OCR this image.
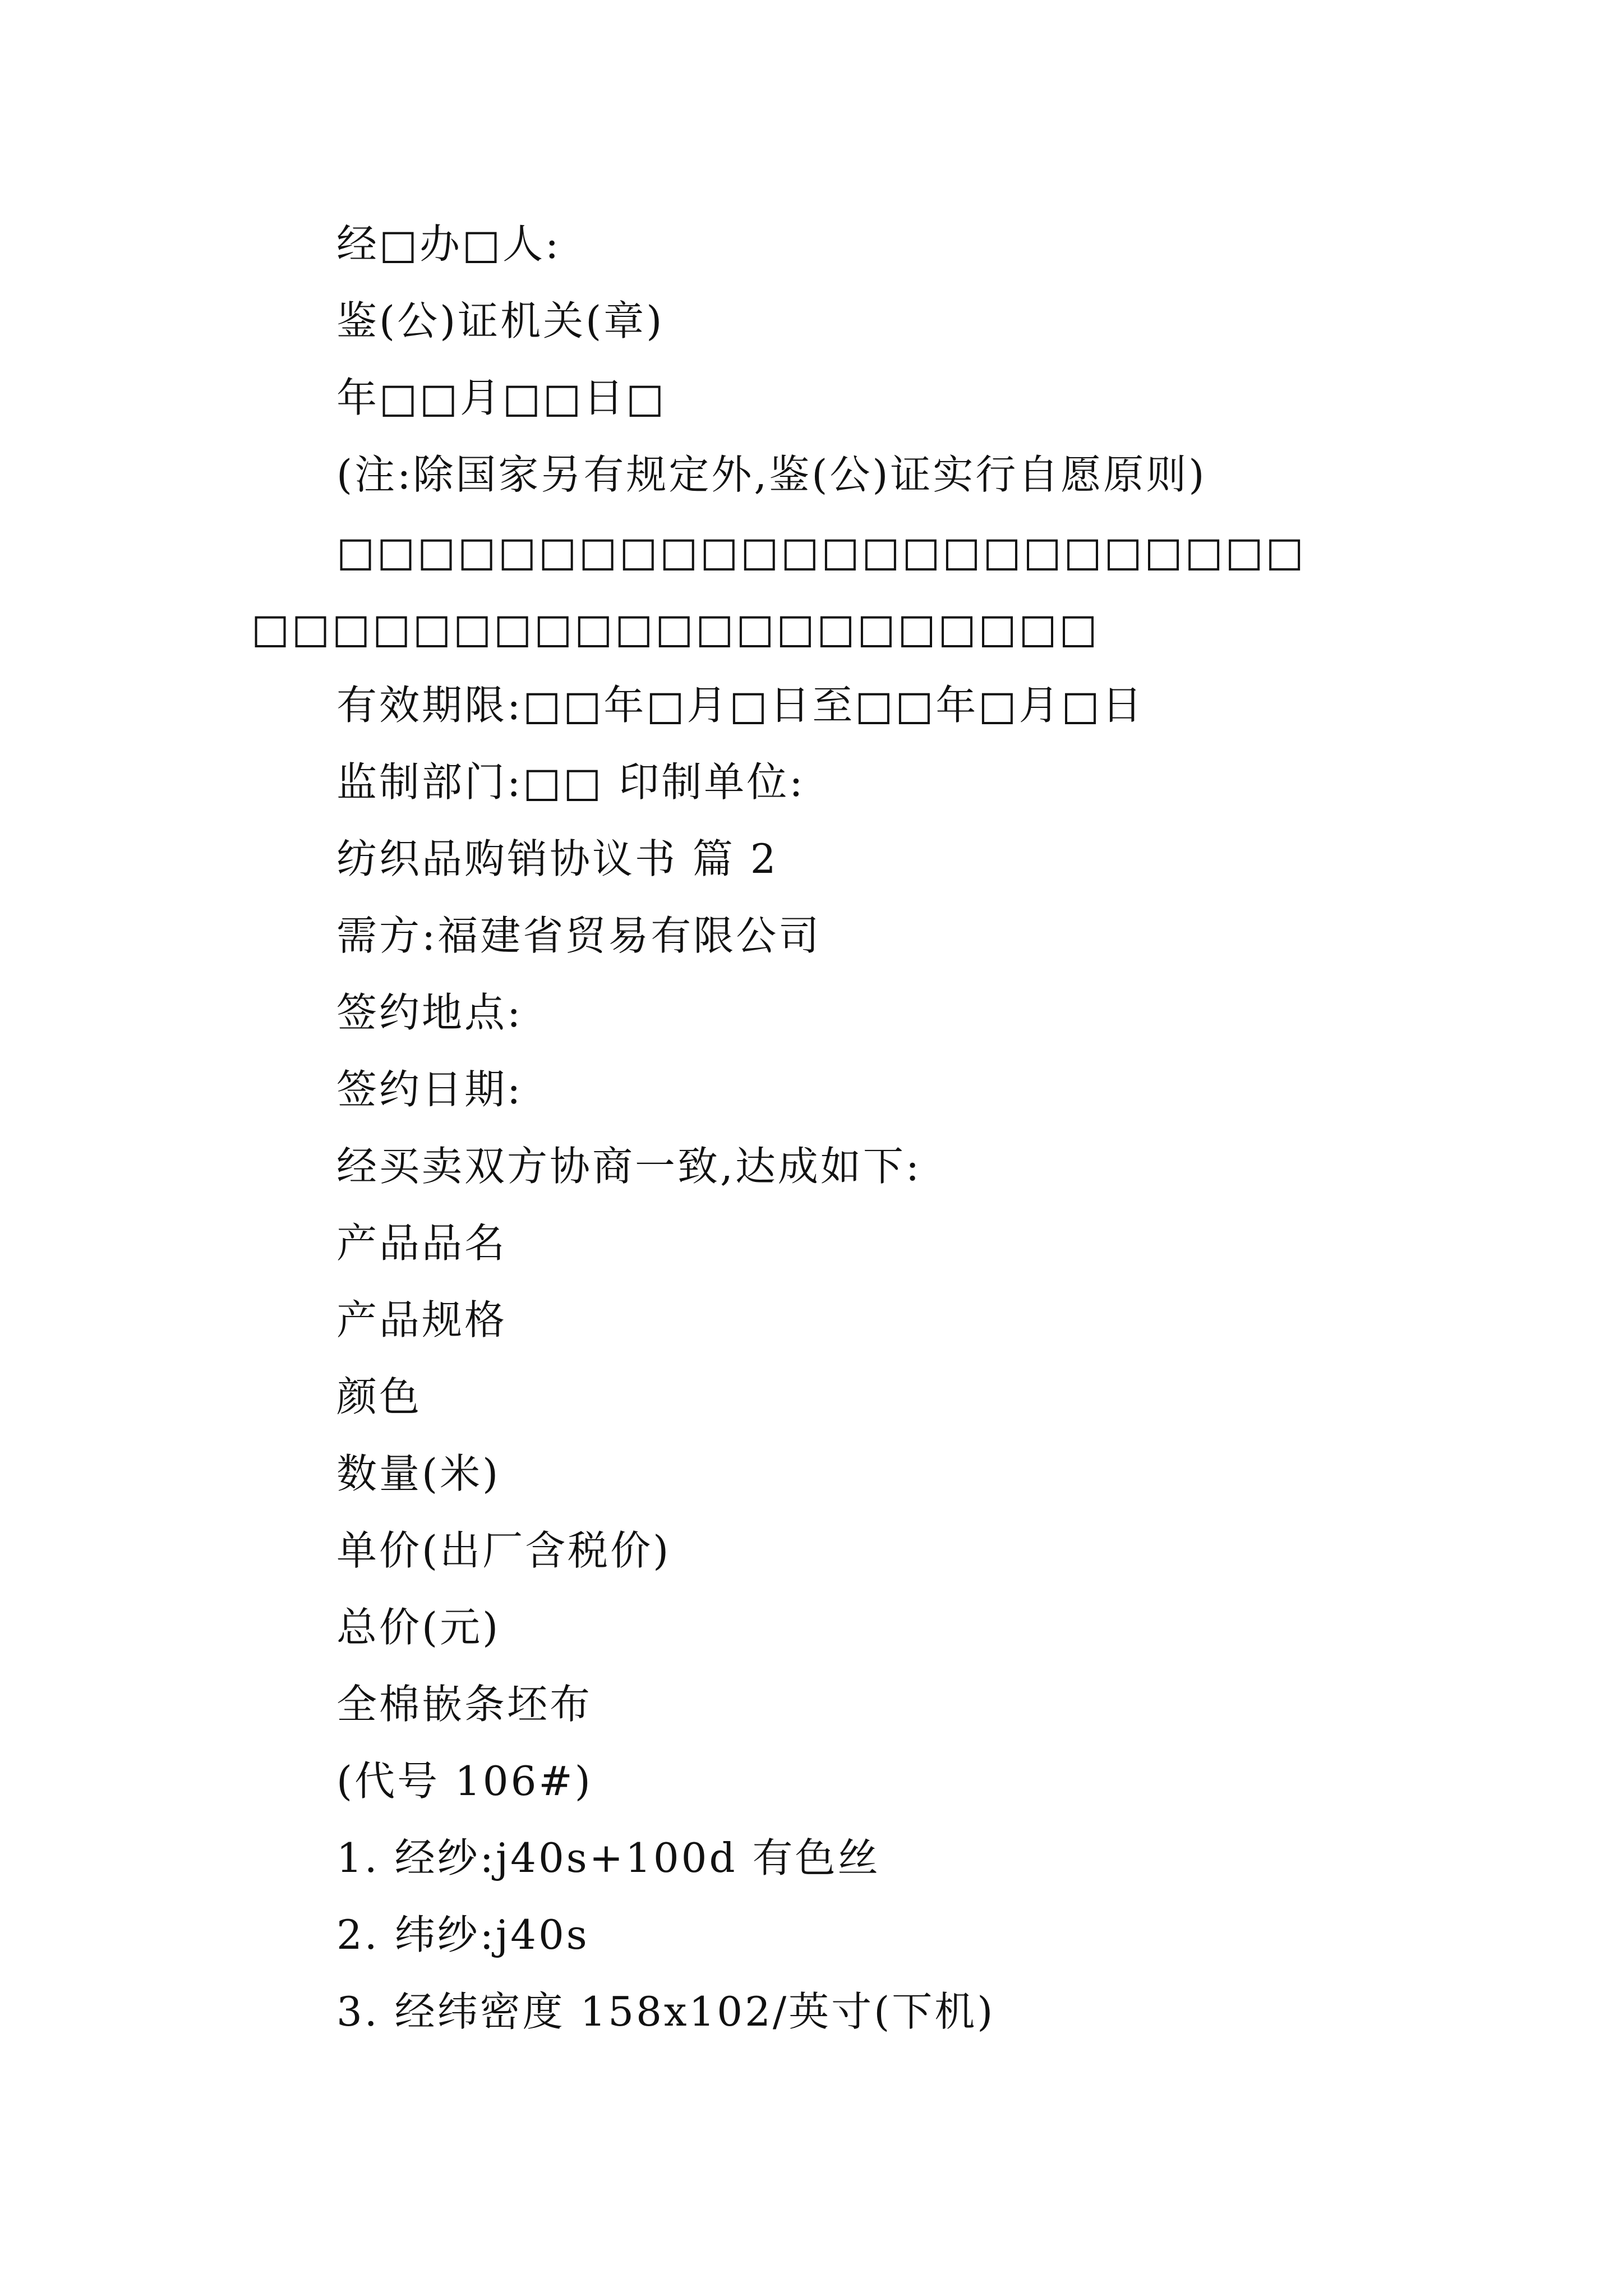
经□办□人:
鉴(公)证机关(章)
年□□月□□日□
(注:除国家另有规定外,鉴(公)证实行自愿原则)
□□□□□□□□□□□□□□□□□□□□□□□□
□□□□□□□□□□□□□□□□□□□□□
有效期限:□□年□月□日至□□年□月□日
监制部门:□□ 印制单位:
纺织品购销协议书 篇 2
需方:福建省贸易有限公司
签约地点:
签约日期:
经买卖双方协商一致,达成如下:
产品品名
产品规格
颜色
数量(米)
单价(出厂含税价)
总价(元)
全棉嵌条坯布
(代号 106#)
1. 经纱:j40s+100d 有色丝
2. 纬纱:j40s
3. 经纬密度 158x102/英寸(下机)
